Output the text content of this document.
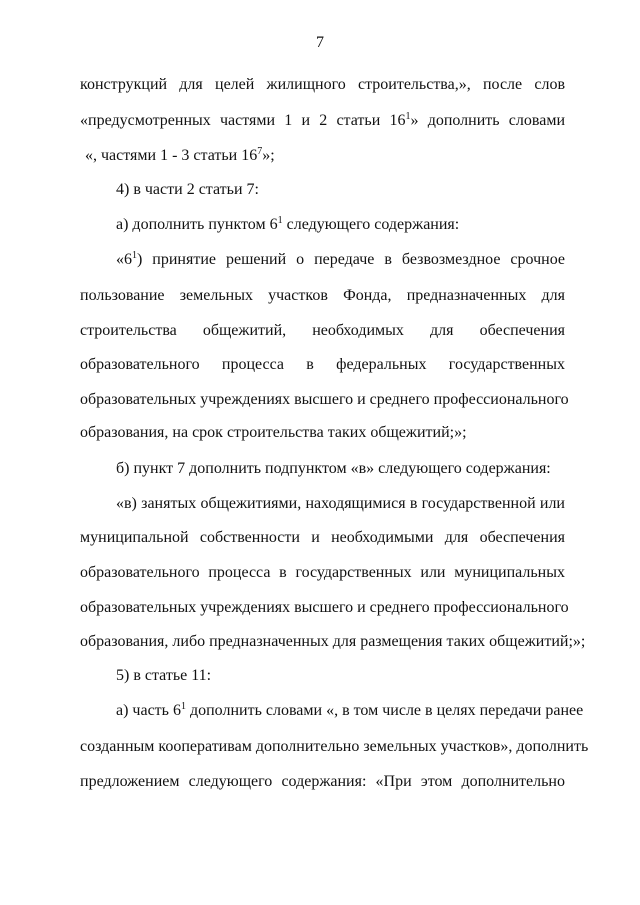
7
конструкций для целей жилищного строительства,», после слов
«предусмотренных частями 1 и 2 статьи $16^1$» дополнить словами
«, частями 1 - 3 статьи $16^7$»;
4) в части 2 статьи 7:
а) дополнить пунктом $6^1$ следующего содержания:
«$6^1$) принятие решений о передаче в безвозмездное срочное
пользование земельных участков Фонда, предназначенных для
строительства общежитий, необходимых для обеспечения
образовательного процесса в федеральных государственных
образовательных учреждениях высшего и среднего профессионального
образования, на срок строительства таких общежитий;»;
б) пункт 7 дополнить подпунктом «в» следующего содержания:
«в) занятых общежитиями, находящимися в государственной или
муниципальной собственности и необходимыми для обеспечения
образовательного процесса в государственных или муниципальных
образовательных учреждениях высшего и среднего профессионального
образования, либо предназначенных для размещения таких общежитий;»;
5) в статье 11:
а) часть $6^1$ дополнить словами «, в том числе в целях передачи ранее
созданным кооперативам дополнительно земельных участков», дополнить
предложением следующего содержания: «При этом дополнительно
